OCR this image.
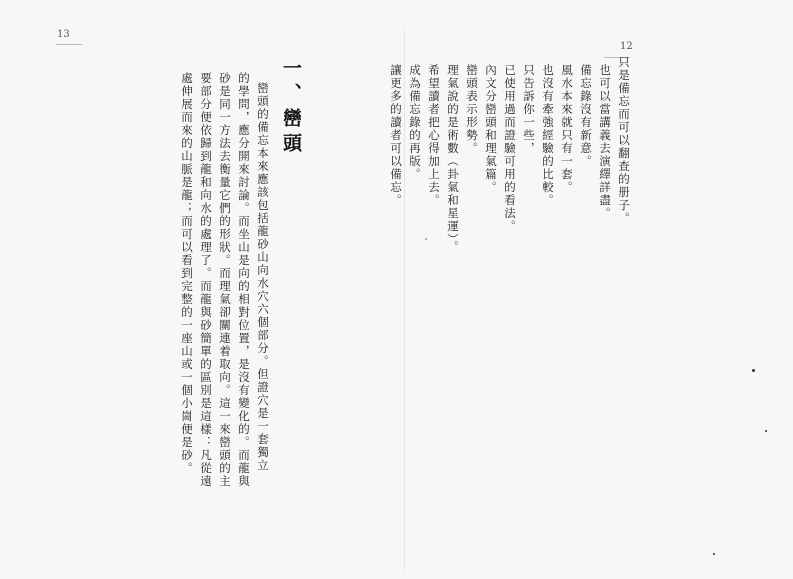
13
一、巒頭
巒頭的備忘本來應該包括龍砂山向水穴六個部分。但證穴是一套獨立
的學問，應分開來討論。而坐山是向的相對位置，是沒有變化的。而龍與
砂是同一方法去衡量它們的形狀。而理氣卻關連着取向。這一來巒頭的主
要部分便依歸到龍和向水的處理了。而龍與砂簡單的區別是這樣：凡從遠
處伸展而來的山脈是龍；而可以看到完整的一座山或一個小崗便是砂。
12
只是備忘而可以翻查的册子。
也可以當講義去演繹詳盡。
備忘錄沒有新意。
風水本來就只有一套。
也沒有牽強經驗的比較。
只告訴你一些，
已使用過而證驗可用的看法。
內文分巒頭和理氣篇。
巒頭表示形勢。
理氣說的是術數（卦氣和星運）。
希望讀者把心得加上去。
成為備忘錄的再版。
讓更多的讀者可以備忘。
